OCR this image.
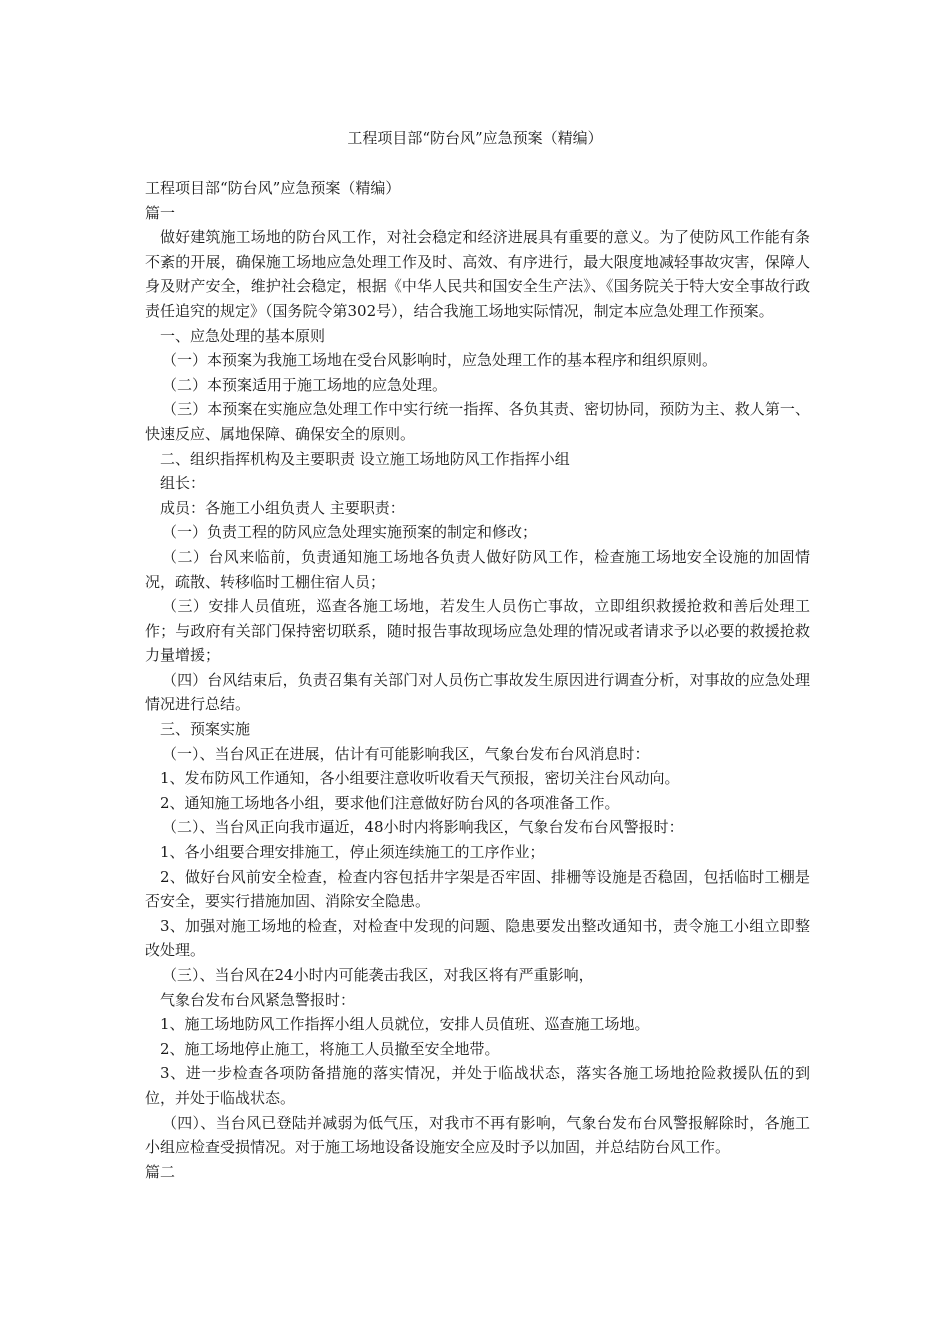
工程项目部“防台风”应急预案（精编）

工程项目部“防台风”应急预案（精编）

篇一

做好建筑施工场地的防台风工作，对社会稳定和经济进展具有重要的意义。为了使防风工作能有条不紊的开展，确保施工场地应急处理工作及时、高效、有序进行，最大限度地减轻事故灾害，保障人身及财产安全，维护社会稳定，根据《中华人民共和国安全生产法》、《国务院关于特大安全事故行政责任追究的规定》（国务院令第302号），结合我施工场地实际情况，制定本应急处理工作预案。

一、应急处理的基本原则

（一）本预案为我施工场地在受台风影响时，应急处理工作的基本程序和组织原则。

（二）本预案适用于施工场地的应急处理。

（三）本预案在实施应急处理工作中实行统一指挥、各负其责、密切协同，预防为主、救人第一、快速反应、属地保障、确保安全的原则。

二、组织指挥机构及主要职责 设立施工场地防风工作指挥小组

组长：

成员：各施工小组负责人 主要职责：

（一）负责工程的防风应急处理实施预案的制定和修改；

（二）台风来临前，负责通知施工场地各负责人做好防风工作，检查施工场地安全设施的加固情况，疏散、转移临时工棚住宿人员；

（三）安排人员值班，巡查各施工场地，若发生人员伤亡事故，立即组织救援抢救和善后处理工作；与政府有关部门保持密切联系，随时报告事故现场应急处理的情况或者请求予以必要的救援抢救力量增援；

（四）台风结束后，负责召集有关部门对人员伤亡事故发生原因进行调查分析，对事故的应急处理情况进行总结。

三、预案实施

（一）、当台风正在进展，估计有可能影响我区，气象台发布台风消息时：

1、发布防风工作通知，各小组要注意收听收看天气预报，密切关注台风动向。

2、通知施工场地各小组，要求他们注意做好防台风的各项准备工作。

（二）、当台风正向我市逼近，48小时内将影响我区，气象台发布台风警报时：

1、各小组要合理安排施工，停止须连续施工的工序作业；

2、做好台风前安全检查，检查内容包括井字架是否牢固、排栅等设施是否稳固，包括临时工棚是否安全，要实行措施加固、消除安全隐患。

3、加强对施工场地的检查，对检查中发现的问题、隐患要发出整改通知书，责令施工小组立即整改处理。

（三）、当台风在24小时内可能袭击我区，对我区将有严重影响，

气象台发布台风紧急警报时：

1、施工场地防风工作指挥小组人员就位，安排人员值班、巡查施工场地。

2、施工场地停止施工，将施工人员撤至安全地带。

3、进一步检查各项防备措施的落实情况，并处于临战状态，落实各施工场地抢险救援队伍的到位，并处于临战状态。

（四）、当台风已登陆并减弱为低气压，对我市不再有影响，气象台发布台风警报解除时，各施工小组应检查受损情况。对于施工场地设备设施安全应及时予以加固，并总结防台风工作。

篇二
